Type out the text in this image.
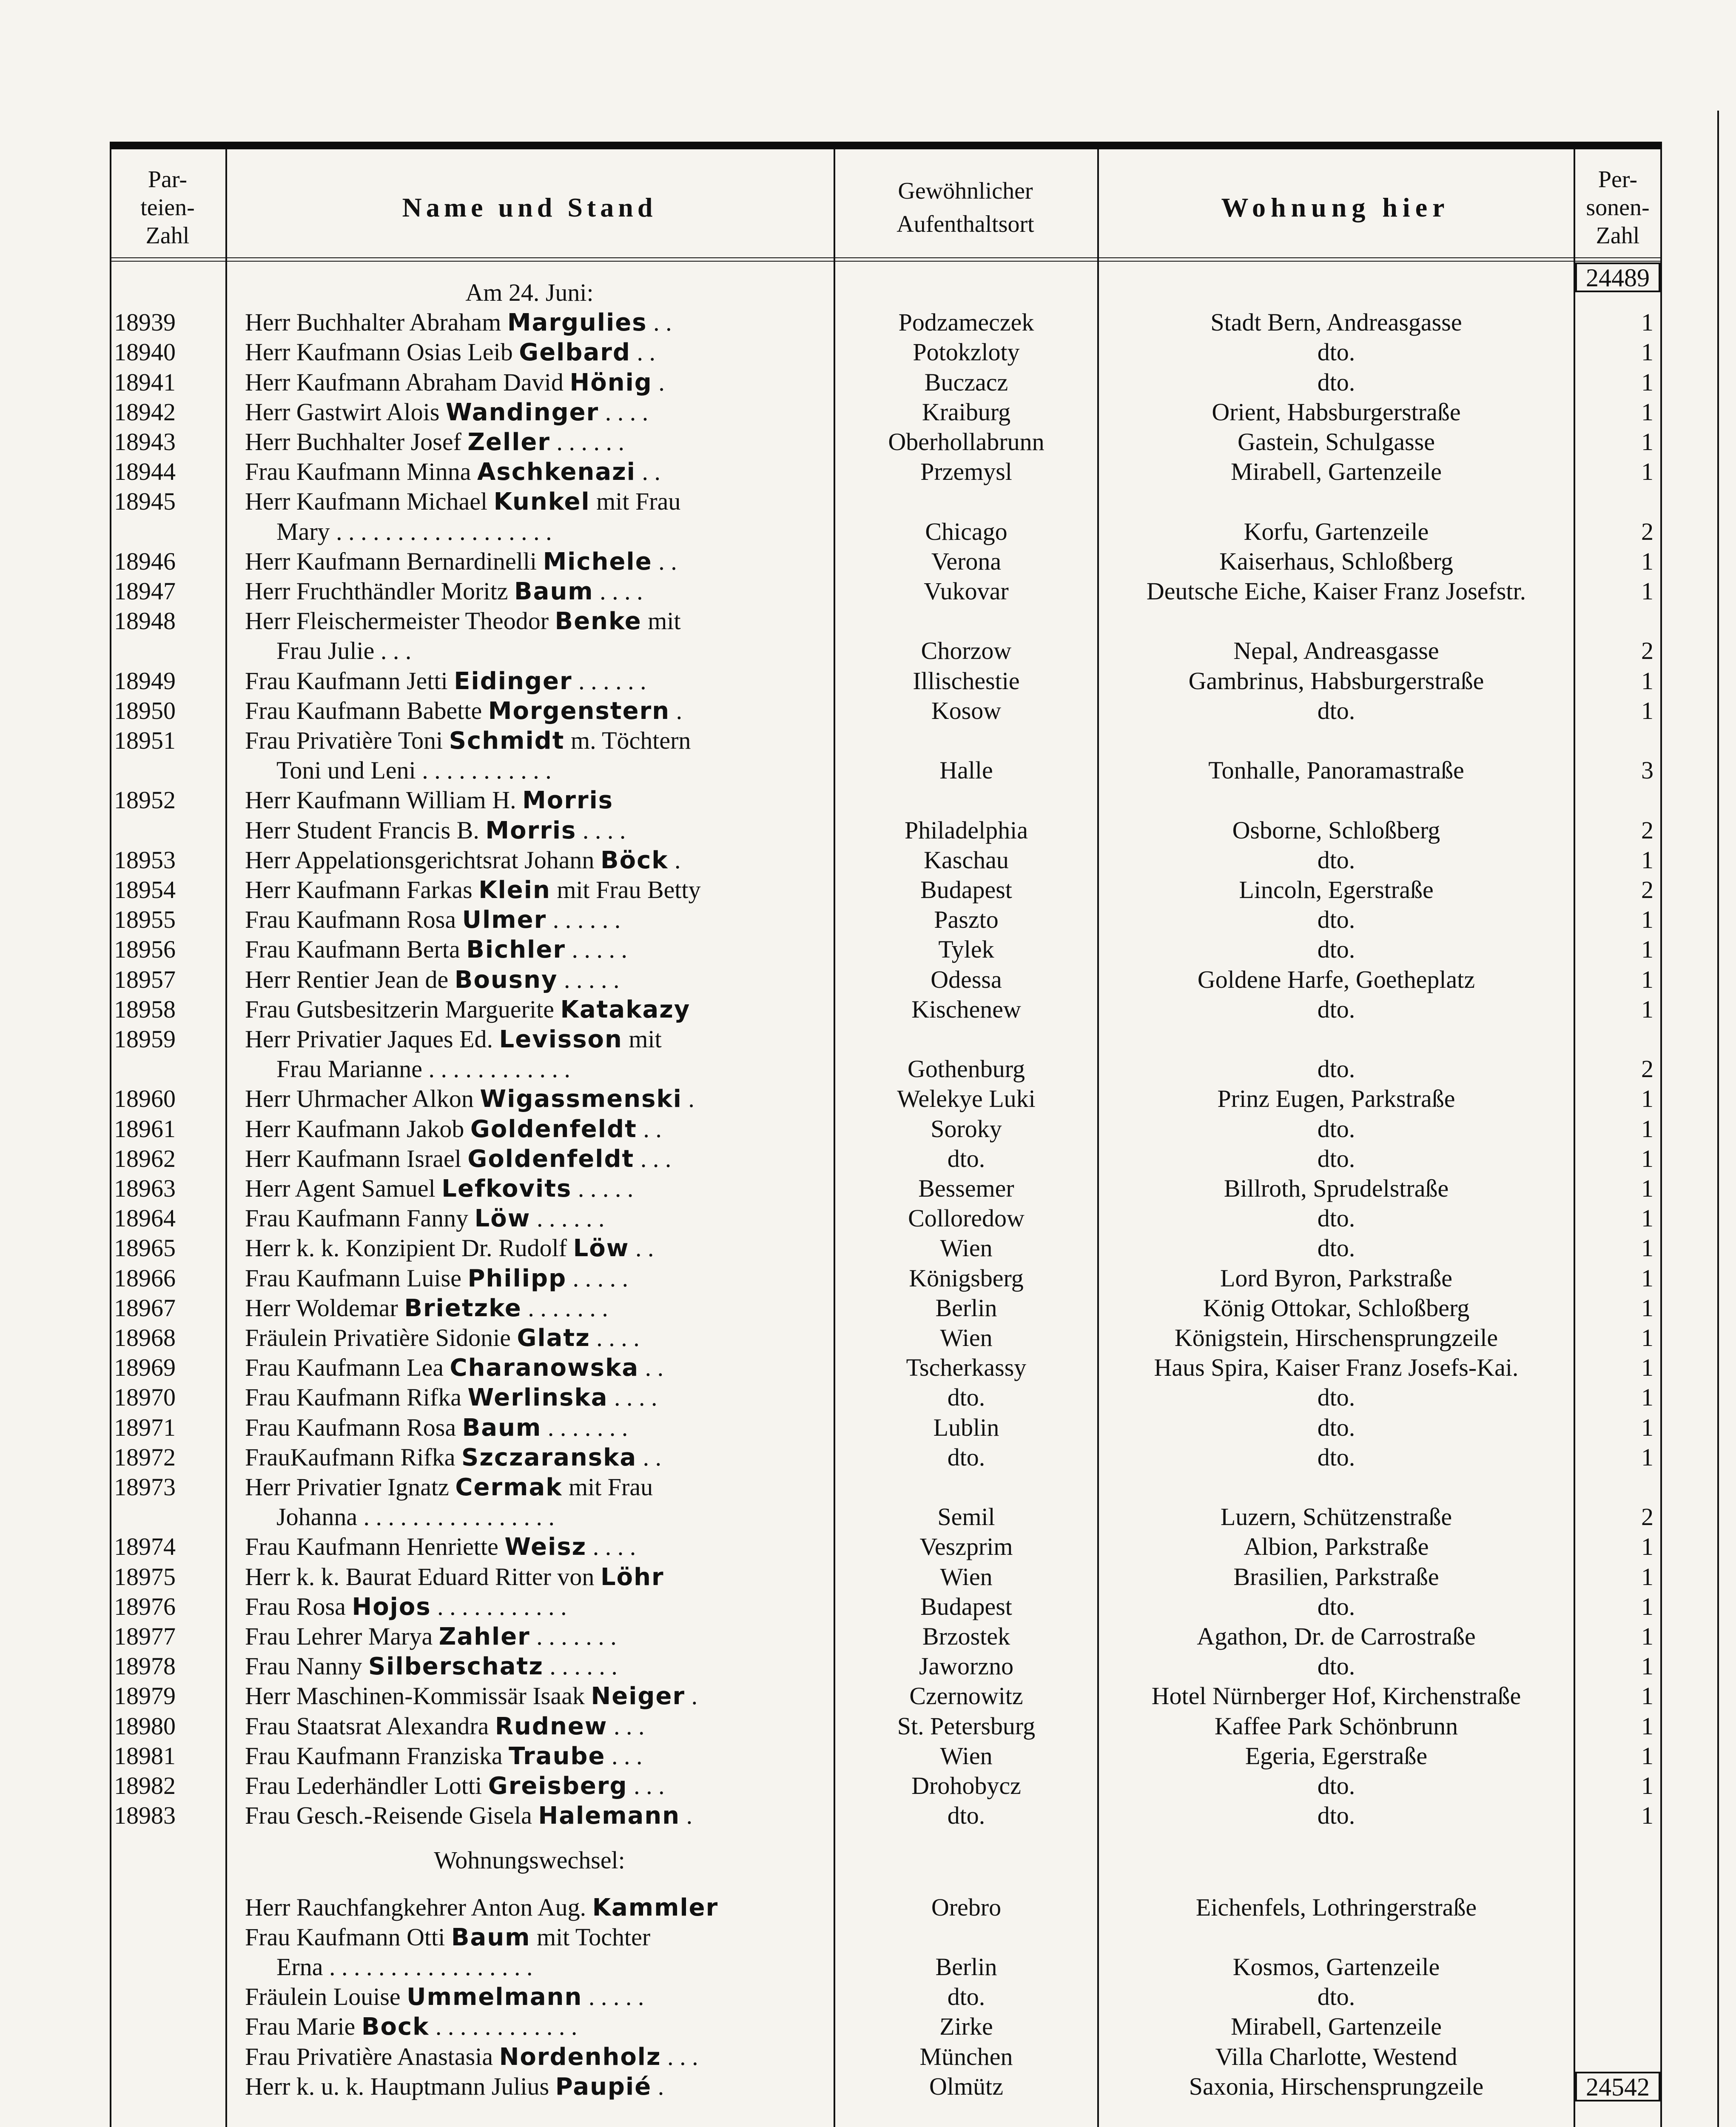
Par-
teien-
Zahl
Name und Stand
Gewöhnlicher
Aufenthaltsort
Wohnung hier
Per-
sonen-
Zahl
24489
Am 24. Juni:
18939	Herr Buchhalter Abraham Margulies . .	Podzameczek	Stadt Bern, Andreasgasse	1
18940	Herr Kaufmann Osias Leib Gelbard . .	Potokzloty	dto.	1
18941	Herr Kaufmann Abraham David Hönig .	Buczacz	dto.	1
18942	Herr Gastwirt Alois Wandinger . . . .	Kraiburg	Orient, Habsburgerstraße	1
18943	Herr Buchhalter Josef Zeller . . . . . .	Oberhollabrunn	Gastein, Schulgasse	1
18944	Frau Kaufmann Minna Aschkenazi . .	Przemysl	Mirabell, Gartenzeile	1
18945	Herr Kaufmann Michael Kunkel mit Frau
Mary . . . . . . . . . . . . . . . . . .	Chicago	Korfu, Gartenzeile	2
18946	Herr Kaufmann Bernardinelli Michele . .	Verona	Kaiserhaus, Schloßberg	1
18947	Herr Fruchthändler Moritz Baum . . . .	Vukovar	Deutsche Eiche, Kaiser Franz Josefstr.	1
18948	Herr Fleischermeister Theodor Benke mit
Frau Julie . . .	Chorzow	Nepal, Andreasgasse	2
18949	Frau Kaufmann Jetti Eidinger . . . . . .	Illischestie	Gambrinus, Habsburgerstraße	1
18950	Frau Kaufmann Babette Morgenstern .	Kosow	dto.	1
18951	Frau Privatière Toni Schmidt m. Töchtern
Toni und Leni . . . . . . . . . . .	Halle	Tonhalle, Panoramastraße	3
18952	Herr Kaufmann William H. Morris
Herr Student Francis B. Morris . . . .	Philadelphia	Osborne, Schloßberg	2
18953	Herr Appelationsgerichtsrat Johann Böck .	Kaschau	dto.	1
18954	Herr Kaufmann Farkas Klein mit Frau Betty	Budapest	Lincoln, Egerstraße	2
18955	Frau Kaufmann Rosa Ulmer . . . . . .	Paszto	dto.	1
18956	Frau Kaufmann Berta Bichler . . . . .	Tylek	dto.	1
18957	Herr Rentier Jean de Bousny . . . . .	Odessa	Goldene Harfe, Goetheplatz	1
18958	Frau Gutsbesitzerin Marguerite Katakazy	Kischenew	dto.	1
18959	Herr Privatier Jaques Ed. Levisson mit
Frau Marianne . . . . . . . . . . . .	Gothenburg	dto.	2
18960	Herr Uhrmacher Alkon Wigassmenski .	Welekye Luki	Prinz Eugen, Parkstraße	1
18961	Herr Kaufmann Jakob Goldenfeldt . .	Soroky	dto.	1
18962	Herr Kaufmann Israel Goldenfeldt . . .	dto.	dto.	1
18963	Herr Agent Samuel Lefkovits . . . . .	Bessemer	Billroth, Sprudelstraße	1
18964	Frau Kaufmann Fanny Löw . . . . . .	Colloredow	dto.	1
18965	Herr k. k. Konzipient Dr. Rudolf Löw . .	Wien	dto.	1
18966	Frau Kaufmann Luise Philipp . . . . .	Königsberg	Lord Byron, Parkstraße	1
18967	Herr Woldemar Brietzke . . . . . . .	Berlin	König Ottokar, Schloßberg	1
18968	Fräulein Privatière Sidonie Glatz . . . .	Wien	Königstein, Hirschensprungzeile	1
18969	Frau Kaufmann Lea Charanowska . .	Tscherkassy	Haus Spira, Kaiser Franz Josefs-Kai.	1
18970	Frau Kaufmann Rifka Werlinska . . . .	dto.	dto.	1
18971	Frau Kaufmann Rosa Baum . . . . . . .	Lublin	dto.	1
18972	FrauKaufmann Rifka Szczaranska . .	dto.	dto.	1
18973	Herr Privatier Ignatz Cermak mit Frau
Johanna . . . . . . . . . . . . . . . .	Semil	Luzern, Schützenstraße	2
18974	Frau Kaufmann Henriette Weisz . . . .	Veszprim	Albion, Parkstraße	1
18975	Herr k. k. Baurat Eduard Ritter von Löhr	Wien	Brasilien, Parkstraße	1
18976	Frau Rosa Hojos . . . . . . . . . . .	Budapest	dto.	1
18977	Frau Lehrer Marya Zahler . . . . . . .	Brzostek	Agathon, Dr. de Carrostraße	1
18978	Frau Nanny Silberschatz . . . . . .	Jaworzno	dto.	1
18979	Herr Maschinen-Kommissär Isaak Neiger .	Czernowitz	Hotel Nürnberger Hof, Kirchenstraße	1
18980	Frau Staatsrat Alexandra Rudnew . . .	St. Petersburg	Kaffee Park Schönbrunn	1
18981	Frau Kaufmann Franziska Traube . . .	Wien	Egeria, Egerstraße	1
18982	Frau Lederhändler Lotti Greisberg . . .	Drohobycz	dto.	1
18983	Frau Gesch.-Reisende Gisela Halemann .	dto.	dto.	1
Wohnungswechsel:
Herr Rauchfangkehrer Anton Aug. Kammler	Orebro	Eichenfels, Lothringerstraße
Frau Kaufmann Otti Baum mit Tochter
Erna . . . . . . . . . . . . . . . . .	Berlin	Kosmos, Gartenzeile
Fräulein Louise Ummelmann . . . . .	dto.	dto.
Frau Marie Bock . . . . . . . . . . . .	Zirke	Mirabell, Gartenzeile
Frau Privatière Anastasia Nordenholz . . .	München	Villa Charlotte, Westend
Herr k. u. k. Hauptmann Julius Paupié .	Olmütz	Saxonia, Hirschensprungzeile	24542
